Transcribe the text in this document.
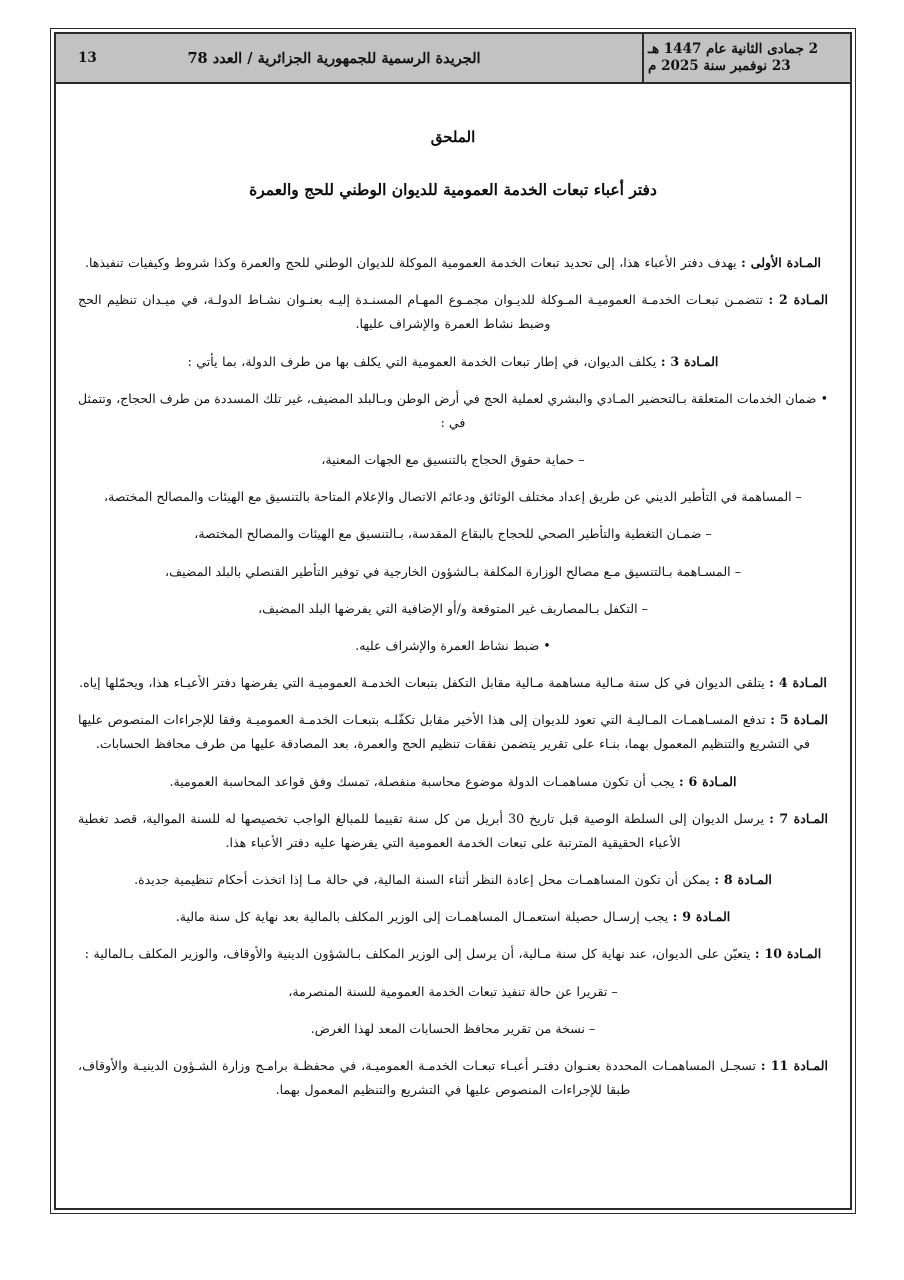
2 جمادى الثانية عام 1447 هـ
23 نوفمبر سنة 2025 م
الجريدة الرسمية للجمهورية الجزائرية / العدد 78
13
الملحق
دفتر أعباء تبعات الخدمة العمومية للديوان الوطني للحج والعمرة

المـادة الأولى : يهدف دفتر الأعباء هذا، إلى تحديد تبعات الخدمة العمومية الموكلة للديوان الوطني للحج والعمرة وكذا شروط وكيفيات تنفيذها.

المـادة 2 : تتضمـن تبعـات الخدمـة العموميـة المـوكلة للديـوان مجمـوع المهـام المسنـدة إليـه بعنـوان نشـاط الدولـة، في ميـدان تنظيم الحج وضبط نشاط العمرة والإشراف عليها.

المـادة 3 : يكلف الديوان، في إطار تبعات الخدمة العمومية التي يكلف بها من طرف الدولة، بما يأتي :

• ضمان الخدمات المتعلقة بـالتحضير المـادي والبشري لعملية الحج في أرض الوطن وبـالبلد المضيف، غير تلك المسددة من طرف الحجاج، وتتمثل في :

– حماية حقوق الحجاج بالتنسيق مع الجهات المعنية،

– المساهمة في التأطير الديني عن طريق إعداد مختلف الوثائق ودعائم الاتصال والإعلام المتاحة بالتنسيق مع الهيئات والمصالح المختصة،

– ضمـان التغطية والتأطير الصحي للحجاج بالبقاع المقدسة، بـالتنسيق مع الهيئات والمصالح المختصة،

– المسـاهمة بـالتنسيق مـع مصالح الوزارة المكلفة بـالشؤون الخارجية في توفير التأطير القنصلي بالبلد المضيف،

– التكفل بـالمصاريف غير المتوقعة و/أو الإضافية التي يفرضها البلد المضيف،

• ضبط نشاط العمرة والإشراف عليه.

المـادة 4 : يتلقى الديوان في كل سنة مـالية مساهمة مـالية مقابل التكفل بتبعات الخدمـة العموميـة التي يفرضها دفتر الأعبـاء هذا، ويحمّلها إياه.

المـادة 5 : تدفع المسـاهمـات المـاليـة التي تعود للديوان إلى هذا الأخير مقابل تكفّلـه بتبعـات الخدمـة العموميـة وفقا للإجراءات المنصوص عليها في التشريع والتنظيم المعمول بهما، بنـاء على تقرير يتضمن نفقات تنظيم الحج والعمرة، بعد المصادقة عليها من طرف محافظ الحسابات.

المـادة 6 : يجب أن تكون مساهمـات الدولة موضوع محاسبة منفصلة، تمسك وفق قواعد المحاسبة العمومية.

المـادة 7 : يرسل الديوان إلى السلطة الوصية قبل تاريخ 30 أبريل من كل سنة تقييما للمبالغ الواجب تخصيصها له للسنة الموالية، قصد تغطية الأعباء الحقيقية المترتبة على تبعات الخدمة العمومية التي يفرضها عليه دفتر الأعباء هذا.

المـادة 8 : يمكن أن تكون المساهمـات محل إعادة النظر أثناء السنة المالية، في حالة مـا إذا اتخذت أحكام تنظيمية جديدة.

المـادة 9 : يجب إرسـال حصيلة استعمـال المساهمـات إلى الوزير المكلف بالمالية بعد نهاية كل سنة مالية.

المـادة 10 : يتعيّن على الديوان، عند نهاية كل سنة مـالية، أن يرسل إلى الوزير المكلف بـالشؤون الدينية والأوقاف، والوزير المكلف بـالمالية :

– تقريرا عن حالة تنفيذ تبعات الخدمة العمومية للسنة المنصرمة،

– نسخة من تقرير محافظ الحسابات المعد لهذا الغرض.

المـادة 11 : تسجـل المساهمـات المحددة بعنـوان دفتـر أعبـاء تبعـات الخدمـة العموميـة، في محفظـة برامـج وزارة الشـؤون الدينيـة والأوقاف، طبقا للإجراءات المنصوص عليها في التشريع والتنظيم المعمول بهما.
